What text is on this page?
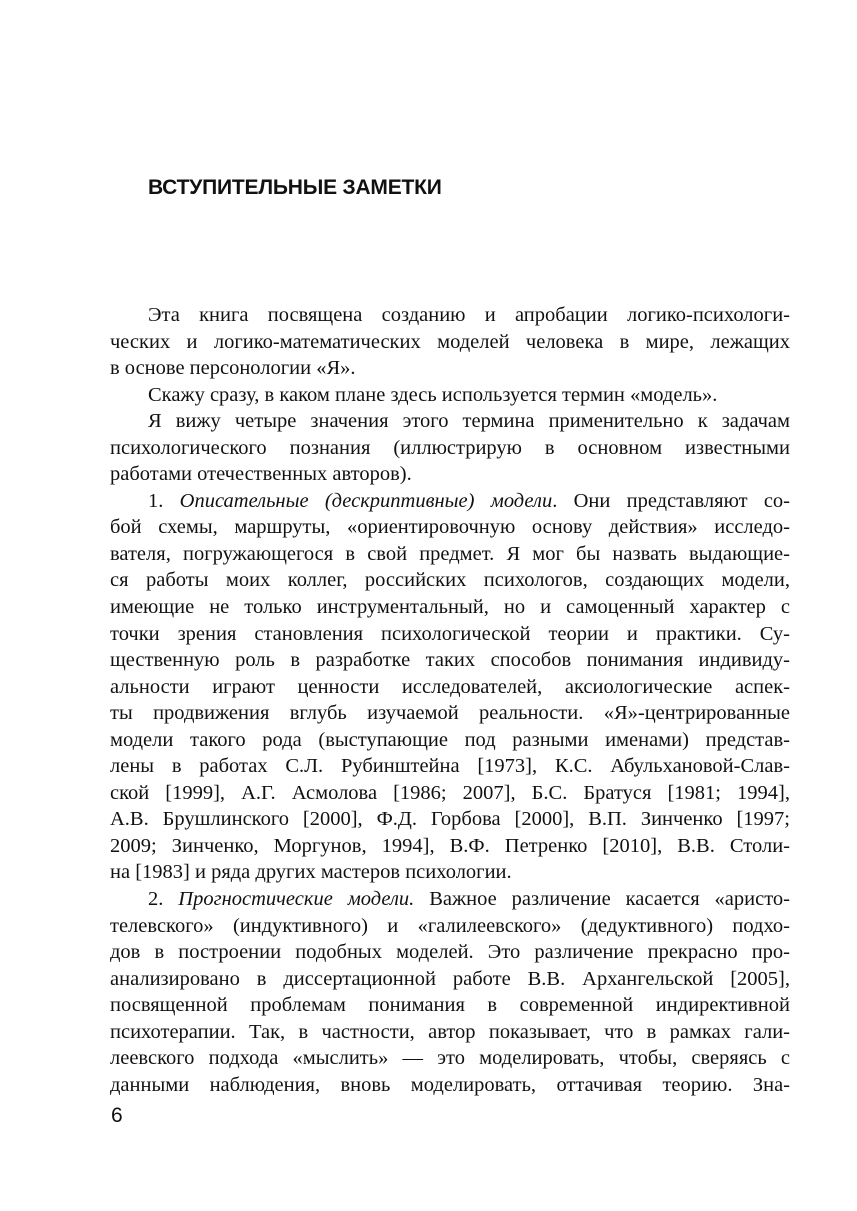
ВСТУПИТЕЛЬНЫЕ ЗАМЕТКИ
Эта книга посвящена созданию и апробации логико-психологи-
ческих и логико-математических моделей человека в мире, лежащих
в основе персонологии «Я».
Скажу сразу, в каком плане здесь используется термин «модель».
Я вижу четыре значения этого термина применительно к задачам
психологического познания (иллюстрирую в основном известными
работами отечественных авторов).
1. Описательные (дескриптивные) модели. Они представляют со-
бой схемы, маршруты, «ориентировочную основу действия» исследо-
вателя, погружающегося в свой предмет. Я мог бы назвать выдающие-
ся работы моих коллег, российских психологов, создающих модели,
имеющие не только инструментальный, но и самоценный характер с
точки зрения становления психологической теории и практики. Су-
щественную роль в разработке таких способов понимания индивиду-
альности играют ценности исследователей, аксиологические аспек-
ты продвижения вглубь изучаемой реальности. «Я»-центрированные
модели такого рода (выступающие под разными именами) представ-
лены в работах С.Л. Рубинштейна [1973], К.С. Абульхановой-Слав-
ской [1999], А.Г. Асмолова [1986; 2007], Б.С. Братуся [1981; 1994],
А.В. Брушлинского [2000], Ф.Д. Горбова [2000], В.П. Зинченко [1997;
2009; Зинченко, Моргунов, 1994], В.Ф. Петренко [2010], В.В. Столи-
на [1983] и ряда других мастеров психологии.
2. Прогностические модели. Важное различение касается «аристо-
телевского» (индуктивного) и «галилеевского» (дедуктивного) подхо-
дов в построении подобных моделей. Это различение прекрасно про-
анализировано в диссертационной работе В.В. Архангельской [2005],
посвященной проблемам понимания в современной индирективной
психотерапии. Так, в частности, автор показывает, что в рамках гали-
леевского подхода «мыслить» — это моделировать, чтобы, сверяясь с
данными наблюдения, вновь моделировать, оттачивая теорию. Зна-
6
